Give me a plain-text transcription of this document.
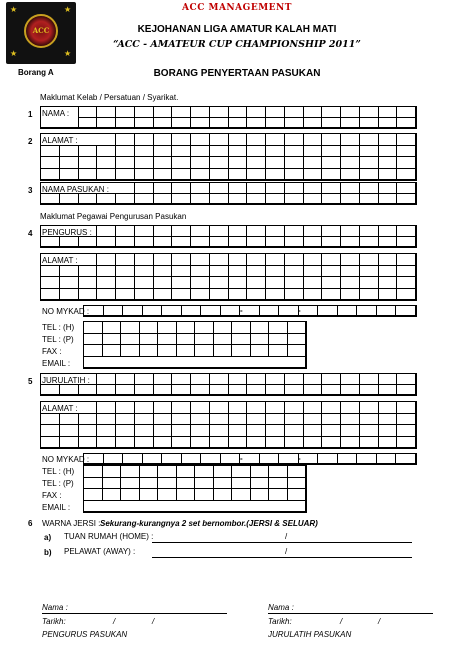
★	★
★	★
ACC
ACC MANAGEMENT
KEJOHANAN LIGA AMATUR KALAH MATI
“ACC - AMATEUR CUP CHAMPIONSHIP 2011”
Borang A	BORANG PENYERTAAN PASUKAN
Maklumat Kelab / Persatuan / Syarikat.
1 NAMA :
2 ALAMAT :
3 NAMA PASUKAN :
Maklumat Pegawai Pengurusan Pasukan
4 PENGURUS :
ALAMAT :
NO MYKAD :	-	-
TEL : (H)
TEL : (P)
FAX :
EMAIL :
5 JURULATIH :
ALAMAT :
NO MYKAD :	-	-
TEL : (H)
TEL : (P)
FAX :
EMAIL :
6 WARNA JERSI : Sekurang-kurangnya 2 set bernombor.(JERSI & SELUAR)
a) TUAN RUMAH (HOME) :	/
b) PELAWAT (AWAY) :	/
Nama :
Tarikh:	/	/
PENGURUS PASUKAN
Nama :
Tarikh:	/	/
JURULATIH PASUKAN
